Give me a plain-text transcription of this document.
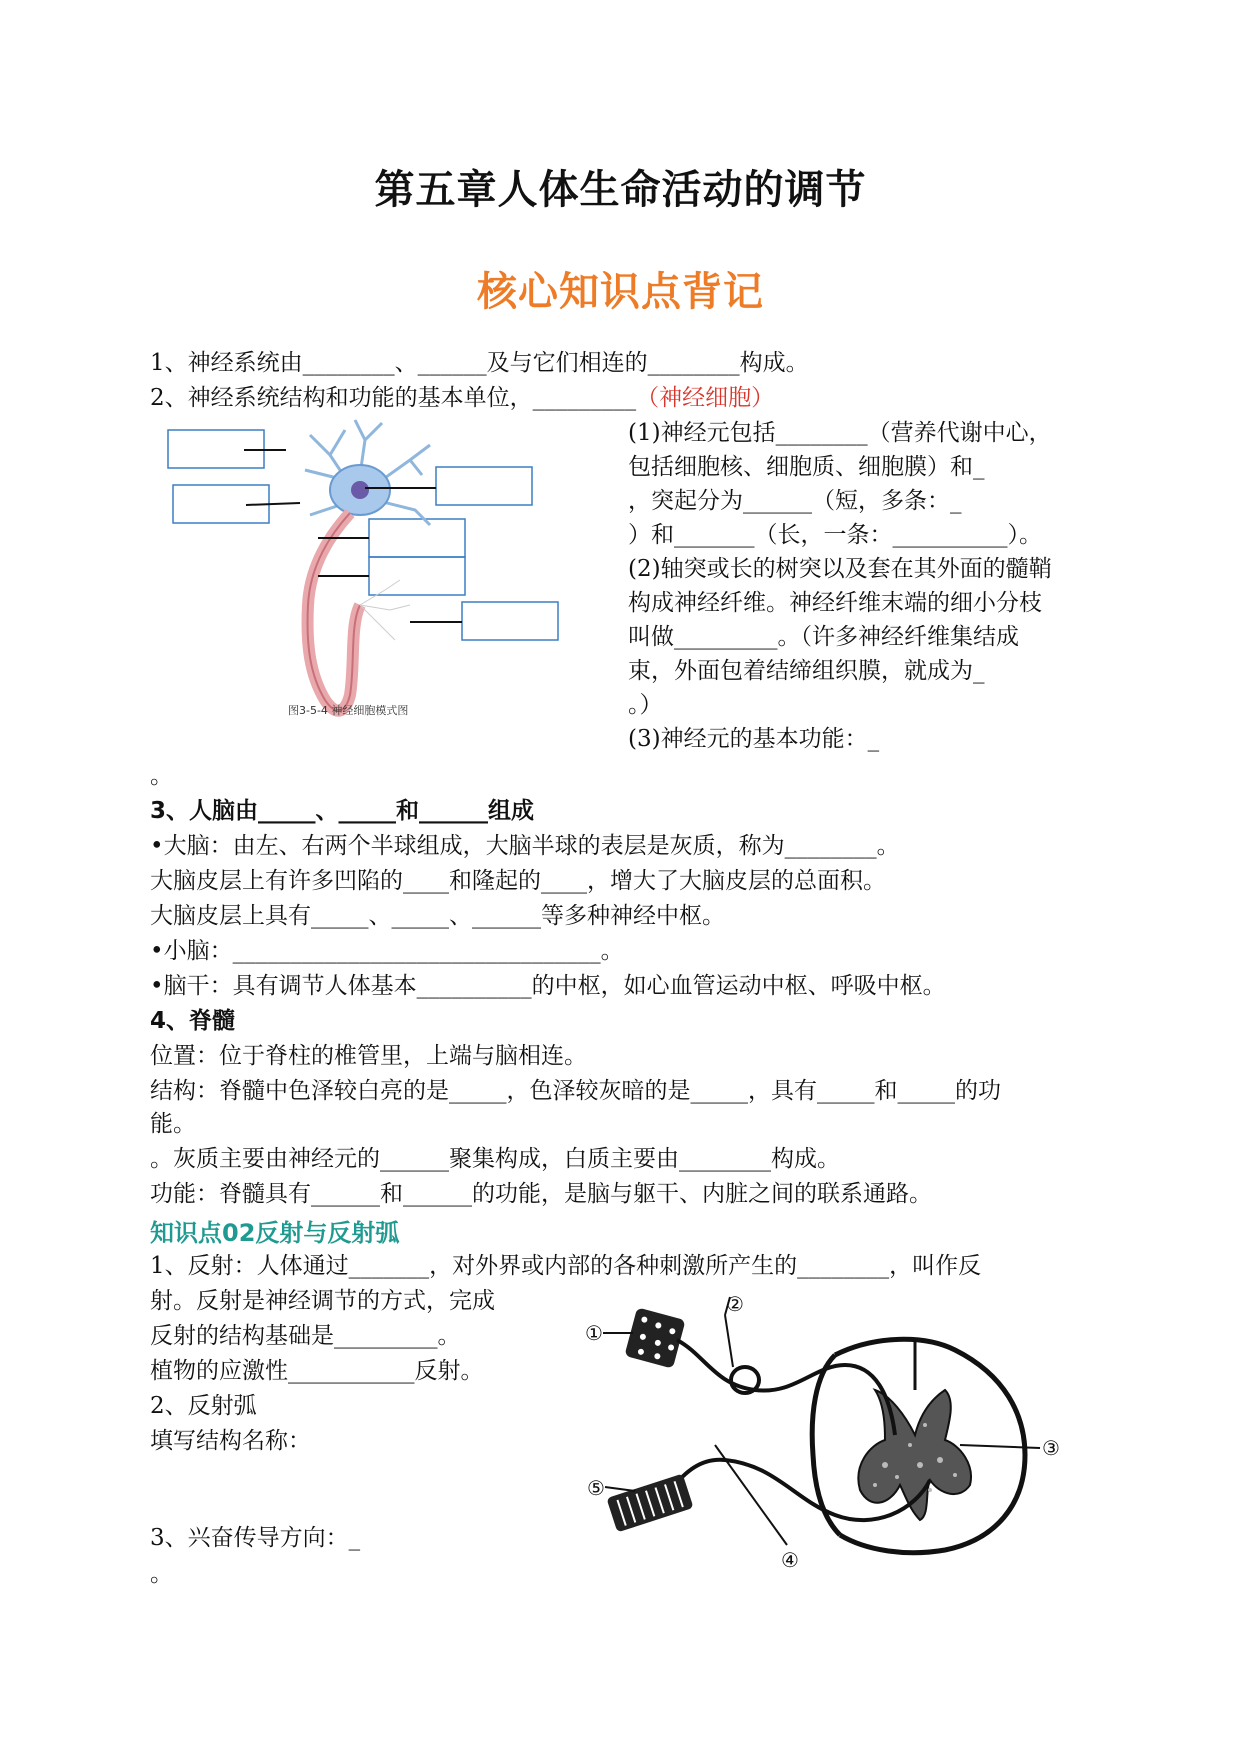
第五章人体生命活动的调节
核心知识点背记
1、神经系统由________、______及与它们相连的________构成。
2、神经系统结构和功能的基本单位，_________（神经细胞）
图3-5-4 神经细胞模式图
(1)神经元包括________（营养代谢中心，
包括细胞核、细胞质、细胞膜）和_
，突起分为______（短，多条：_
）和_______（长，一条：__________）。
(2)轴突或长的树突以及套在其外面的髓鞘
构成神经纤维。神经纤维末端的细小分枝
叫做_________。（许多神经纤维集结成
束，外面包着结缔组织膜，就成为_
。）
(3)神经元的基本功能：_
。
3、人脑由_____、_____和______组成
•大脑：由左、右两个半球组成，大脑半球的表层是灰质，称为________。
大脑皮层上有许多凹陷的____和隆起的____，增大了大脑皮层的总面积。
大脑皮层上具有_____、_____、______等多种神经中枢。
•小脑：________________________________。
•脑干：具有调节人体基本__________的中枢，如心血管运动中枢、呼吸中枢。
4、脊髓
位置：位于脊柱的椎管里，上端与脑相连。
结构：脊髓中色泽较白亮的是_____，色泽较灰暗的是_____，具有_____和_____的功
能。
。灰质主要由神经元的______聚集构成，白质主要由________构成。
功能：脊髓具有______和______的功能，是脑与躯干、内脏之间的联系通路。
知识点02反射与反射弧
1、反射：人体通过_______，对外界或内部的各种刺激所产生的________，叫作反
射。反射是神经调节的方式，完成
反射的结构基础是_________。
植物的应激性___________反射。
2、反射弧
填写结构名称：
3、兴奋传导方向：_
。
①
②
③
④
⑤
